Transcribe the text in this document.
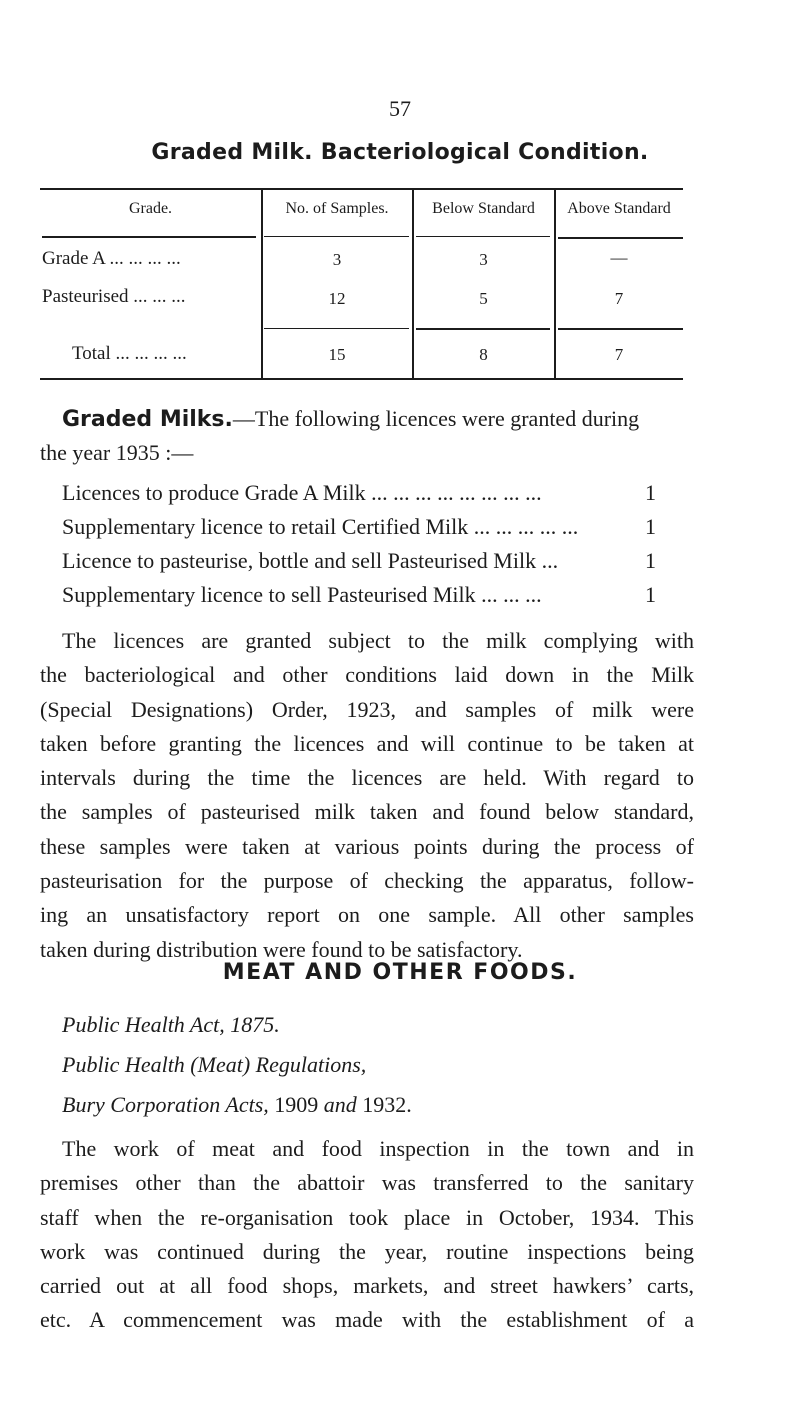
57
Graded Milk. Bacteriological Condition.
Grade.	No. of Samples.	Below Standard	Above Standard
Grade A ... ... ... ...	3	3	—
Pasteurised ... ... ...	12	5	7
Total ... ... ... ...	15	8	7
Graded Milks.—The following licences were granted during
the year 1935 :—
Licences to produce Grade A Milk ... ... ... ... ... ... ... ...	1
Supplementary licence to retail Certified Milk ... ... ... ... ...	1
Licence to pasteurise, bottle and sell Pasteurised Milk ...	1
Supplementary licence to sell Pasteurised Milk ... ... ...	1
The licences are granted subject to the milk complying with
the bacteriological and other conditions laid down in the Milk
(Special Designations) Order, 1923, and samples of milk were
taken before granting the licences and will continue to be taken at
intervals during the time the licences are held. With regard to
the samples of pasteurised milk taken and found below standard,
these samples were taken at various points during the process of
pasteurisation for the purpose of checking the apparatus, follow-
ing an unsatisfactory report on one sample. All other samples
taken during distribution were found to be satisfactory.
MEAT AND OTHER FOODS.
Public Health Act, 1875.
Public Health (Meat) Regulations,
Bury Corporation Acts, 1909 and 1932.
The work of meat and food inspection in the town and in
premises other than the abattoir was transferred to the sanitary
staff when the re-organisation took place in October, 1934. This
work was continued during the year, routine inspections being
carried out at all food shops, markets, and street hawkers’ carts,
etc. A commencement was made with the establishment of a
